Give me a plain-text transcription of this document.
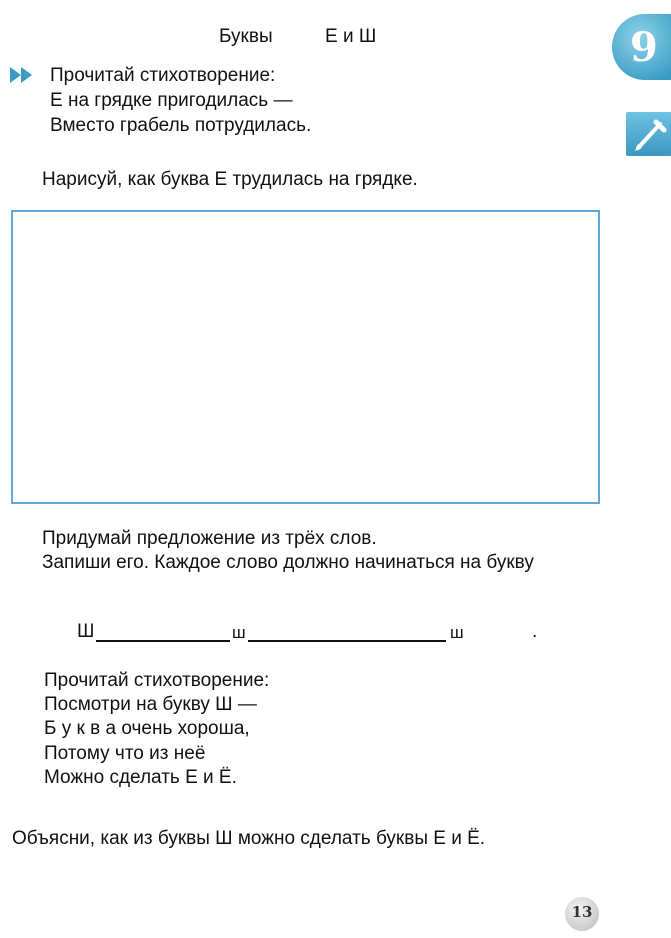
Буквы	Е и Ш	9
Прочитай стихотворение:
Е на грядке пригодилась —
Вместо грабель потрудилась.
Нарисуй, как буква Е трудилась на грядке.
Придумай предложение из трёх слов.
Запиши его. Каждое слово должно начинаться на букву
Ш	ш	ш	.
Прочитай стихотворение:
Посмотри на букву Ш —
Б у к в а очень хороша,
Потому что из неё
Можно сделать Е и Ё.
Объясни, как из буквы Ш можно сделать буквы Е и Ё.
13
